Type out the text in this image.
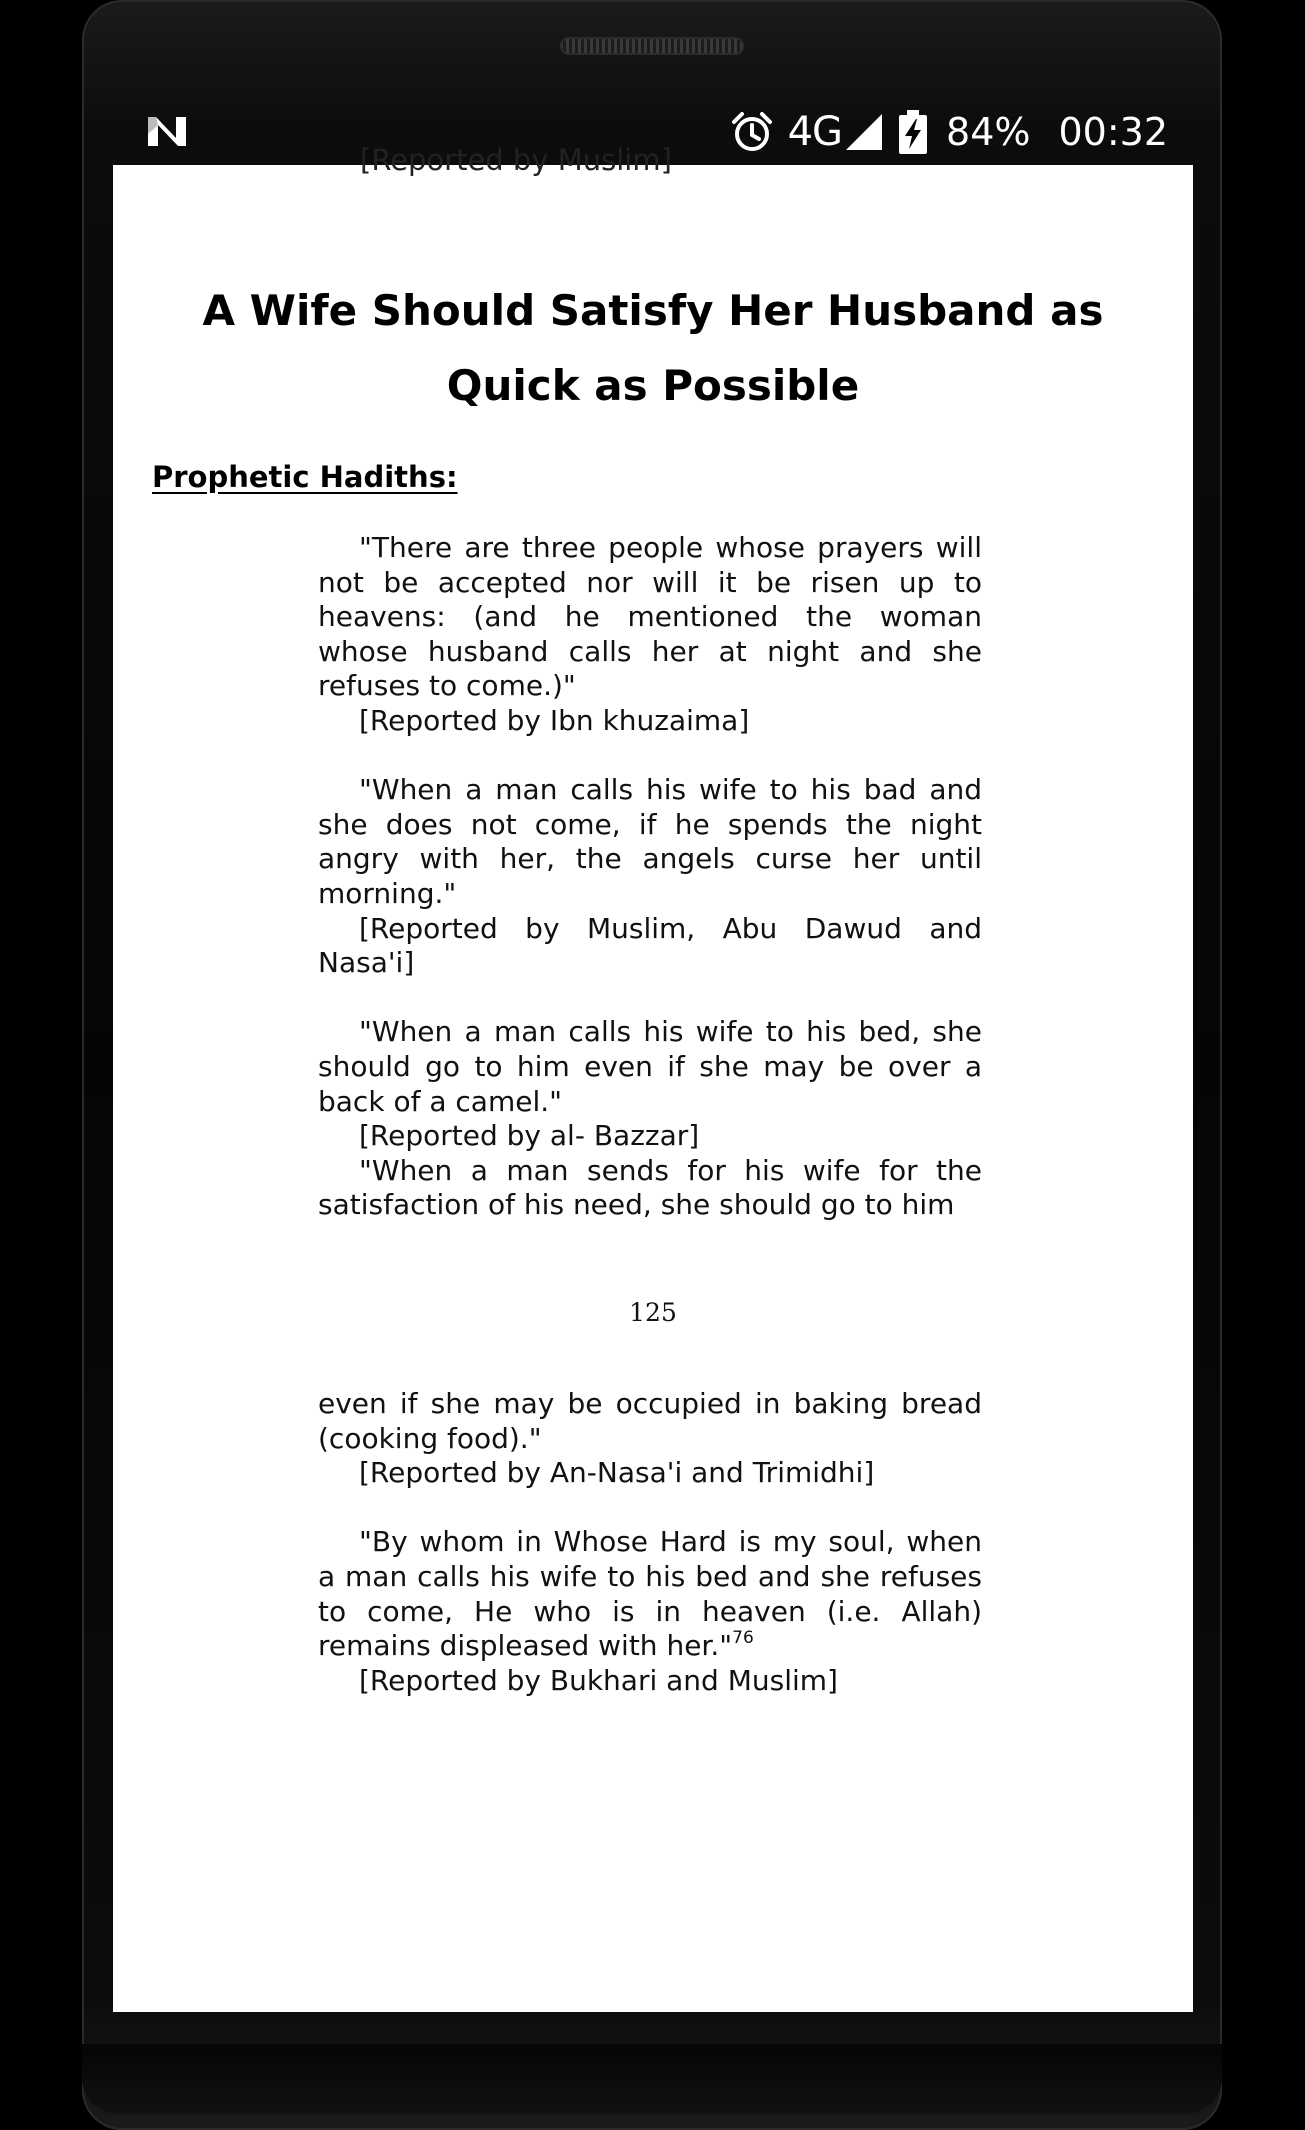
4G	84% 00:32
[Reported by Muslim]
A Wife Should Satisfy Her Husband as Quick as Possible
Prophetic Hadiths:

"There are three people whose prayers will not be accepted nor will it be risen up to heavens: (and he mentioned the woman whose husband calls her at night and she refuses to come.)"

[Reported by Ibn khuzaima]

"When a man calls his wife to his bad and she does not come, if he spends the night angry with her, the angels curse her until morning."

[Reported by Muslim, Abu Dawud and Nasa'i]

"When a man calls his wife to his bed, she should go to him even if she may be over a back of a camel."

[Reported by al- Bazzar]

"When a man sends for his wife for the satisfaction of his need, she should go to him

125

even if she may be occupied in baking bread (cooking food)."

[Reported by An-Nasa'i and Trimidhi]

"By whom in Whose Hard is my soul, when a man calls his wife to his bed and she refuses to come, He who is in heaven (i.e. Allah) remains displeased with her."$^{76}$

[Reported by Bukhari and Muslim]
